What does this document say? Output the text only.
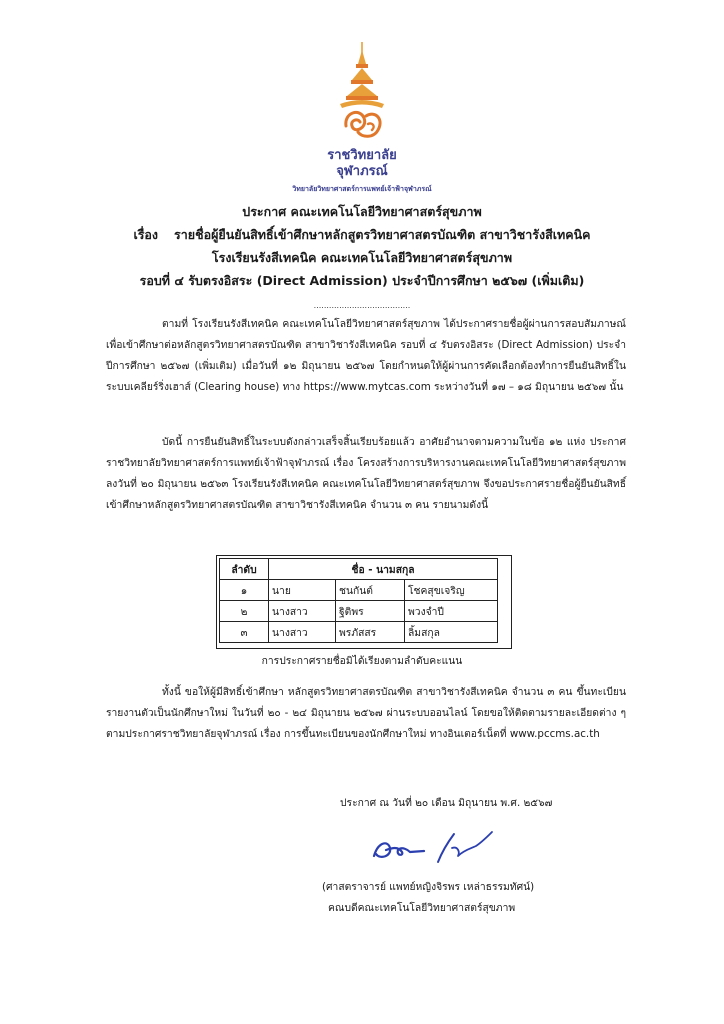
ราชวิทยาลัย
จุฬาภรณ์
วิทยาลัยวิทยาศาสตร์การแพทย์เจ้าฟ้าจุฬาภรณ์
ประกาศ คณะเทคโนโลยีวิทยาศาสตร์สุขภาพ
เรื่อง รายชื่อผู้ยืนยันสิทธิ์เข้าศึกษาหลักสูตรวิทยาศาสตรบัณฑิต สาขาวิชารังสีเทคนิค
โรงเรียนรังสีเทคนิค คณะเทคโนโลยีวิทยาศาสตร์สุขภาพ
รอบที่ ๔ รับตรงอิสระ (Direct Admission) ประจำปีการศึกษา ๒๕๖๗ (เพิ่มเติม)
......................................
ตามที่ โรงเรียนรังสีเทคนิค คณะเทคโนโลยีวิทยาศาสตร์สุขภาพ ได้ประกาศรายชื่อผู้ผ่านการสอบสัมภาษณ์ เพื่อเข้าศึกษาต่อหลักสูตรวิทยาศาสตรบัณฑิต สาขาวิชารังสีเทคนิค รอบที่ ๔ รับตรงอิสระ (Direct Admission) ประจำปีการศึกษา ๒๕๖๗ (เพิ่มเติม) เมื่อวันที่ ๑๒ มิถุนายน ๒๕๖๗ โดยกำหนดให้ผู้ผ่านการคัดเลือกต้องทำการยืนยันสิทธิ์ในระบบเคลียร์ริ่งเฮาส์ (Clearing house) ทาง https://www.mytcas.com ระหว่างวันที่ ๑๗ – ๑๘ มิถุนายน ๒๕๖๗ นั้น
บัดนี้ การยืนยันสิทธิ์ในระบบดังกล่าวเสร็จสิ้นเรียบร้อยแล้ว อาศัยอำนาจตามความในข้อ ๑๒ แห่ง ประกาศราชวิทยาลัยวิทยาศาสตร์การแพทย์เจ้าฟ้าจุฬาภรณ์ เรื่อง โครงสร้างการบริหารงานคณะเทคโนโลยีวิทยาศาสตร์สุขภาพ ลงวันที่ ๒๐ มิถุนายน ๒๕๖๓ โรงเรียนรังสีเทคนิค คณะเทคโนโลยีวิทยาศาสตร์สุขภาพ จึงขอประกาศรายชื่อผู้ยืนยันสิทธิ์เข้าศึกษาหลักสูตรวิทยาศาสตรบัณฑิต สาขาวิชารังสีเทคนิค จำนวน ๓ คน รายนามดังนี้
ลำดับ	ชื่อ - นามสกุล		
๑	นาย	ชนกันต์	โชคสุขเจริญ
๒	นางสาว	ฐิติพร	พวงจำปี
๓	นางสาว	พรภัสสร	ลิ้มสกุล
การประกาศรายชื่อมิได้เรียงตามลำดับคะแนน
ทั้งนี้ ขอให้ผู้มีสิทธิ์เข้าศึกษา หลักสูตรวิทยาศาสตรบัณฑิต สาขาวิชารังสีเทคนิค จำนวน ๓ คน ขึ้นทะเบียนรายงานตัวเป็นนักศึกษาใหม่ ในวันที่ ๒๐ - ๒๔ มิถุนายน ๒๕๖๗ ผ่านระบบออนไลน์ โดยขอให้ติดตามรายละเอียดต่าง ๆ ตามประกาศราชวิทยาลัยจุฬาภรณ์ เรื่อง การขึ้นทะเบียนของนักศึกษาใหม่ ทางอินเตอร์เน็ตที่ www.pccms.ac.th
ประกาศ ณ วันที่ ๒๐ เดือน มิถุนายน พ.ศ. ๒๕๖๗
(ศาสตราจารย์ แพทย์หญิงจิรพร เหล่าธรรมทัศน์)
คณบดีคณะเทคโนโลยีวิทยาศาสตร์สุขภาพ
